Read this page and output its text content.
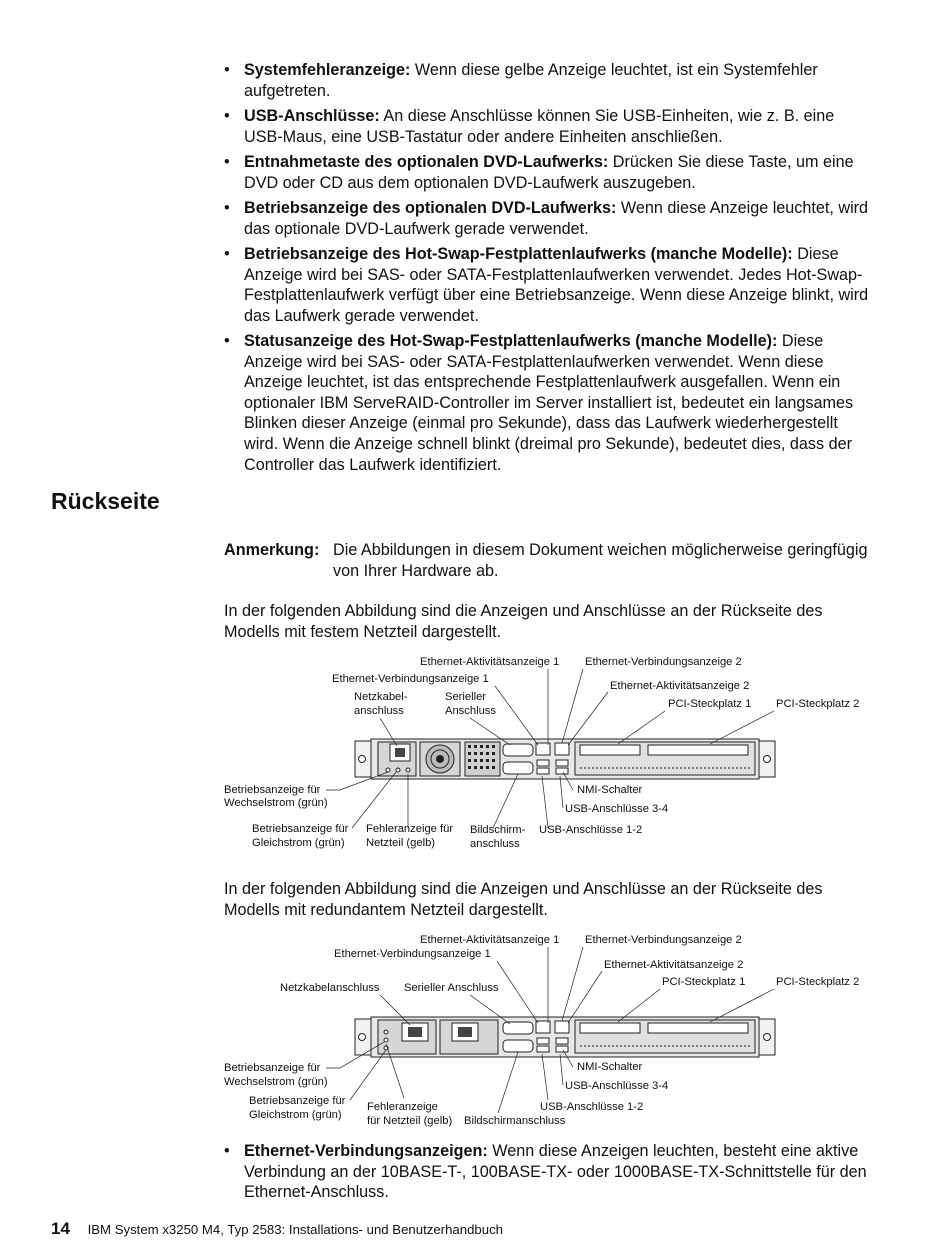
• Systemfehleranzeige: Wenn diese gelbe Anzeige leuchtet, ist ein Systemfehler aufgetreten.
• USB-Anschlüsse: An diese Anschlüsse können Sie USB-Einheiten, wie z. B. eine USB-Maus, eine USB-Tastatur oder andere Einheiten anschließen.
• Entnahmetaste des optionalen DVD-Laufwerks: Drücken Sie diese Taste, um eine DVD oder CD aus dem optionalen DVD-Laufwerk auszugeben.
• Betriebsanzeige des optionalen DVD-Laufwerks: Wenn diese Anzeige leuchtet, wird das optionale DVD-Laufwerk gerade verwendet.
• Betriebsanzeige des Hot-Swap-Festplattenlaufwerks (manche Modelle): Diese Anzeige wird bei SAS- oder SATA-Festplattenlaufwerken verwendet. Jedes Hot-Swap-Festplattenlaufwerk verfügt über eine Betriebsanzeige. Wenn diese Anzeige blinkt, wird das Laufwerk gerade verwendet.
• Statusanzeige des Hot-Swap-Festplattenlaufwerks (manche Modelle): Diese Anzeige wird bei SAS- oder SATA-Festplattenlaufwerken verwendet. Wenn diese Anzeige leuchtet, ist das entsprechende Festplattenlaufwerk ausgefallen. Wenn ein optionaler IBM ServeRAID-Controller im Server installiert ist, bedeutet ein langsames Blinken dieser Anzeige (einmal pro Sekunde), dass das Laufwerk wiederhergestellt wird. Wenn die Anzeige schnell blinkt (dreimal pro Sekunde), bedeutet dies, dass der Controller das Laufwerk identifiziert.
Rückseite
Anmerkung: Die Abbildungen in diesem Dokument weichen möglicherweise geringfügig von Ihrer Hardware ab.

In der folgenden Abbildung sind die Anzeigen und Anschlüsse an der Rückseite des Modells mit festem Netzteil dargestellt.

Ethernet-Aktivitätsanzeige 1 Ethernet-Verbindungsanzeige 2
Ethernet-Verbindungsanzeige 1
Ethernet-Aktivitätsanzeige 2
Netzkabel-
anschluss
Serieller
Anschluss
PCI-Steckplatz 1 PCI-Steckplatz 2
Betriebsanzeige für
Wechselstrom (grün)
NMI-Schalter
USB-Anschlüsse 3-4
Betriebsanzeige für
Gleichstrom (grün)
Fehleranzeige für
Netzteil (gelb)
Bildschirm-
anschluss
USB-Anschlüsse 1-2

In der folgenden Abbildung sind die Anzeigen und Anschlüsse an der Rückseite des Modells mit redundantem Netzteil dargestellt.

Ethernet-Aktivitätsanzeige 1 Ethernet-Verbindungsanzeige 2
Ethernet-Verbindungsanzeige 1
Ethernet-Aktivitätsanzeige 2
Netzkabelanschluss Serieller Anschluss	PCI-Steckplatz 1	PCI-Steckplatz 2
Betriebsanzeige für
Wechselstrom (grün)
NMI-Schalter
USB-Anschlüsse 3-4
Betriebsanzeige für
Gleichstrom (grün)
Fehleranzeige
für Netzteil (gelb) Bildschirmanschluss
USB-Anschlüsse 1-2
• Ethernet-Verbindungsanzeigen: Wenn diese Anzeigen leuchten, besteht eine aktive Verbindung an der 10BASE-T-, 100BASE-TX- oder 1000BASE-TX-Schnittstelle für den Ethernet-Anschluss.
14 IBM System x3250 M4, Typ 2583: Installations- und Benutzerhandbuch
